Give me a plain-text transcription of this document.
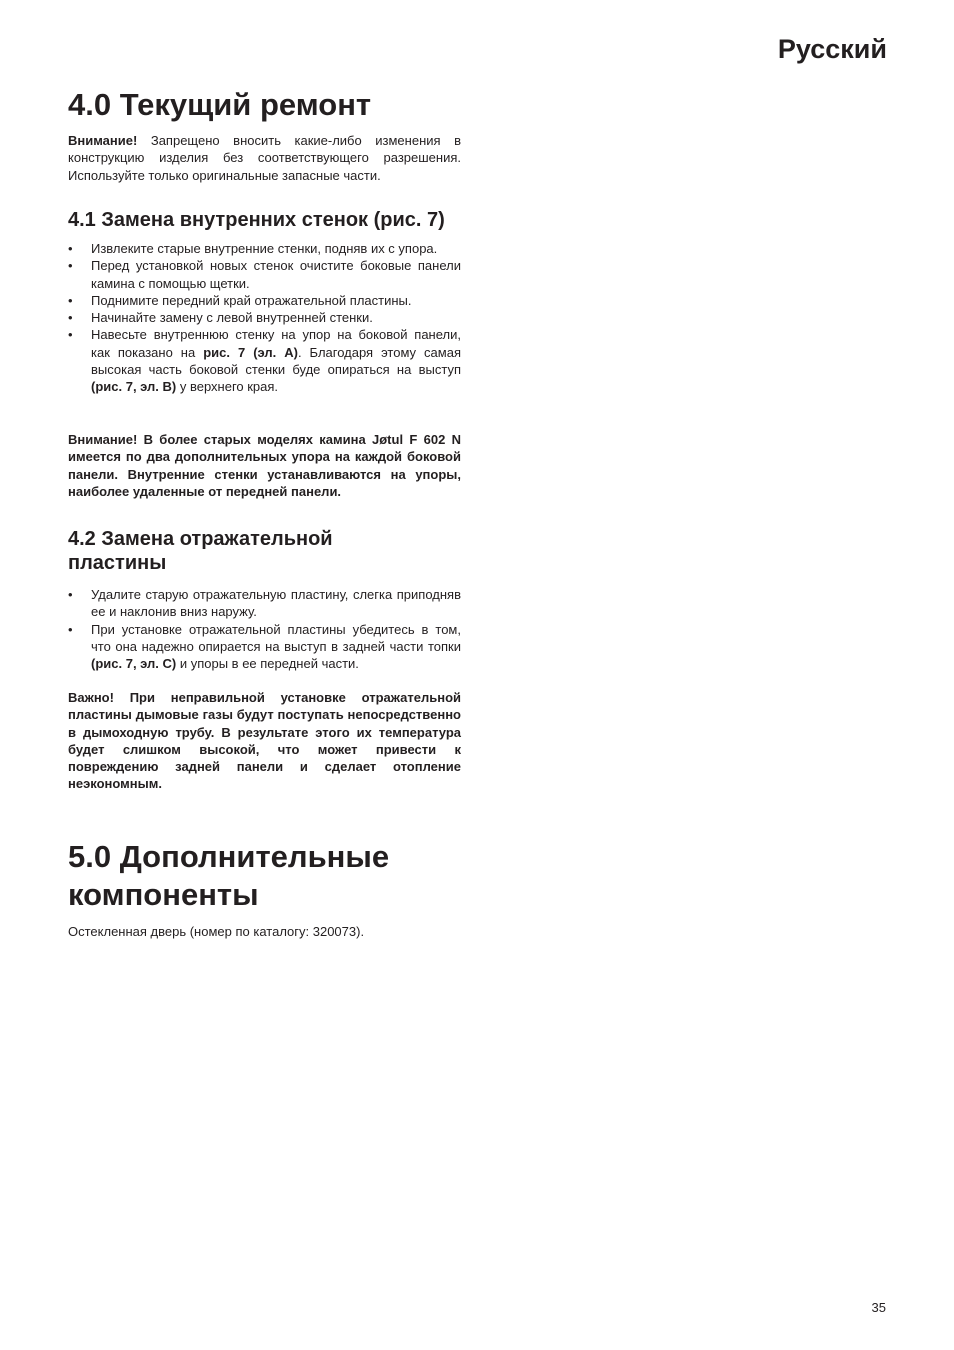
Русский
4.0 Текущий ремонт

Внимание! Запрещено вносить какие-либо изменения в конструкцию изделия без соответствующего разрешения. Используйте только оригинальные запасные части.

4.1 Замена внутренних стенок (рис. 7)
• Извлеките старые внутренние стенки, подняв их с упора.
• Перед установкой новых стенок очистите боковые панели камина с помощью щетки.
• Поднимите передний край отражательной пластины.
• Начинайте замену с левой внутренней стенки.
• Навесьте внутреннюю стенку на упор на боковой панели, как показано на рис. 7 (эл. A). Благодаря этому самая высокая часть боковой стенки буде опираться на выступ (рис. 7, эл. B) у верхнего края.

Внимание! В более старых моделях камина Jøtul F 602 N имеется по два дополнительных упора на каждой боковой панели. Внутренние стенки устанавливаются на упоры, наиболее удаленные от передней панели.

4.2 Замена отражательной
пластины
• Удалите старую отражательную пластину, слегка приподняв ее и наклонив вниз наружу.
• При установке отражательной пластины убедитесь в том, что она надежно опирается на выступ в задней части топки (рис. 7, эл. C) и упоры в ее передней части.

Важно! При неправильной установке отражательной пластины дымовые газы будут поступать непосредственно в дымоходную трубу. В результате этого их температура будет слишком высокой, что может привести к повреждению задней панели и сделает отопление неэкономным.

5.0 Дополнительные
компоненты

Остекленная дверь (номер по каталогу: 320073).

35
